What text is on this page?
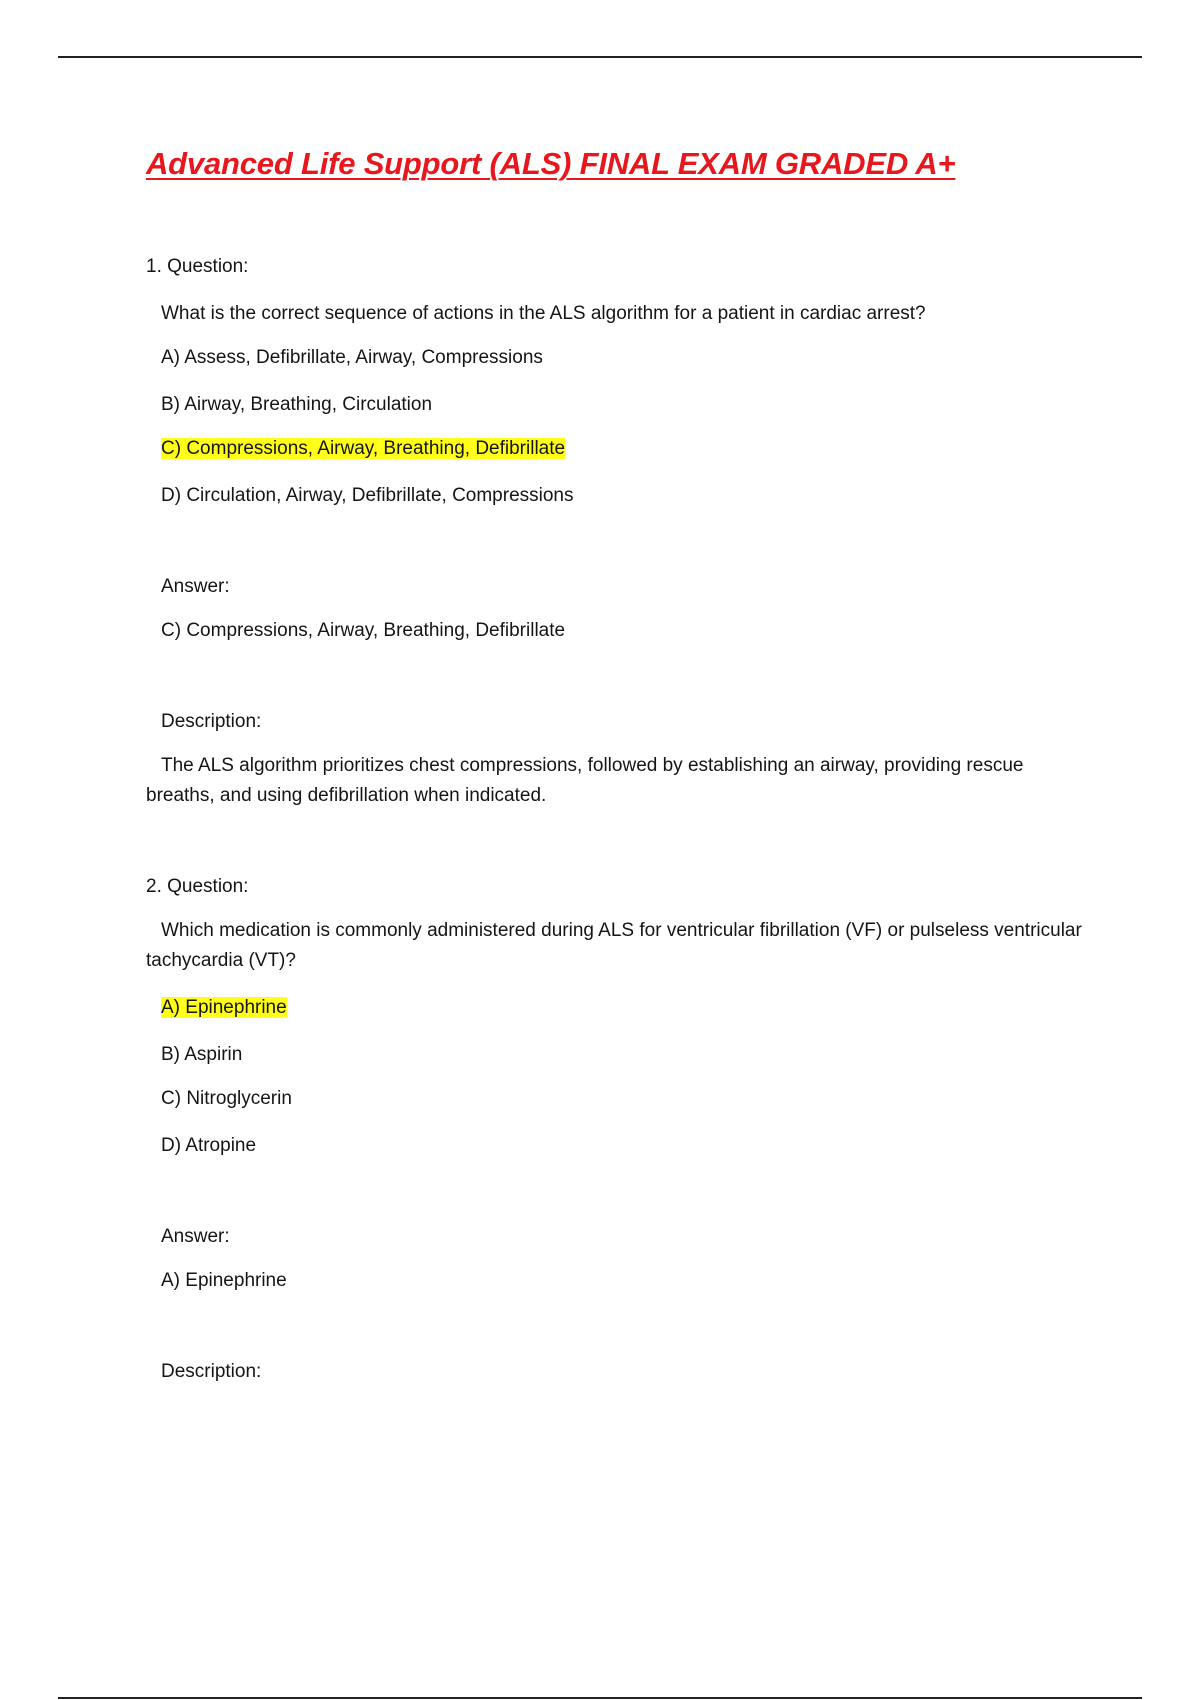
Advanced Life Support (ALS) FINAL EXAM GRADED A+
1. Question:
What is the correct sequence of actions in the ALS algorithm for a patient in cardiac arrest?
A) Assess, Defibrillate, Airway, Compressions
B) Airway, Breathing, Circulation
C) Compressions, Airway, Breathing, Defibrillate
D) Circulation, Airway, Defibrillate, Compressions
Answer:
C) Compressions, Airway, Breathing, Defibrillate
Description:

The ALS algorithm prioritizes chest compressions, followed by establishing an airway, providing rescue breaths, and using defibrillation when indicated.

2. Question:

Which medication is commonly administered during ALS for ventricular fibrillation (VF) or pulseless ventricular tachycardia (VT)?

A) Epinephrine
B) Aspirin
C) Nitroglycerin
D) Atropine
Answer:
A) Epinephrine
Description:
